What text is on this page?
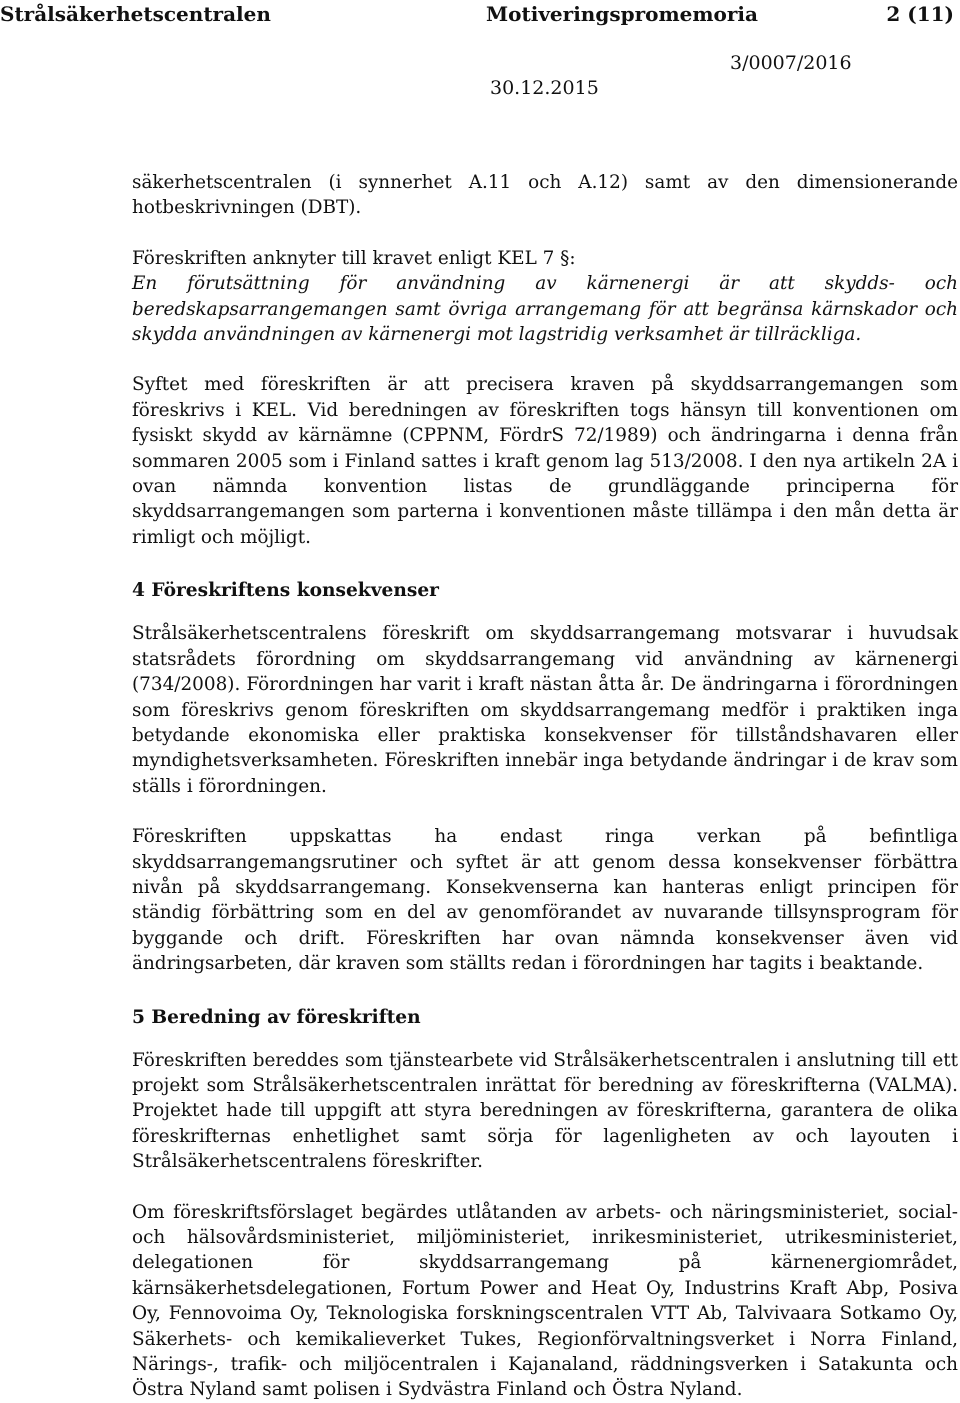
Strålsäkerhetscentralen	Motiveringspromemoria	2 (11)
3/0007/2016
30.12.2015

säkerhetscentralen (i synnerhet A.11 och A.12) samt av den dimensionerande hotbeskrivningen (DBT).

Föreskriften anknyter till kravet enligt KEL 7 §:

En förutsättning för användning av kärnenergi är att skydds- och beredskapsarrangemangen samt övriga arrangemang för att begränsa kärnskador och skydda användningen av kärnenergi mot lagstridig verksamhet är tillräckliga.

Syftet med föreskriften är att precisera kraven på skyddsarrangemangen som föreskrivs i KEL. Vid beredningen av föreskriften togs hänsyn till konventionen om fysiskt skydd av kärnämne (CPPNM, FördrS 72/1989) och ändringarna i denna från sommaren 2005 som i Finland sattes i kraft genom lag 513/2008. I den nya artikeln 2A i ovan nämnda konvention listas de grundläggande principerna för skyddsarrangemangen som parterna i konventionen måste tillämpa i den mån detta är rimligt och möjligt.

4 Föreskriftens konsekvenser

Strålsäkerhetscentralens föreskrift om skyddsarrangemang motsvarar i huvudsak statsrådets förordning om skyddsarrangemang vid användning av kärnenergi (734/2008). Förordningen har varit i kraft nästan åtta år. De ändringarna i förordningen som föreskrivs genom föreskriften om skyddsarrangemang medför i praktiken inga betydande ekonomiska eller praktiska konsekvenser för tillståndshavaren eller myndighetsverksamheten. Föreskriften innebär inga betydande ändringar i de krav som ställs i förordningen.

Föreskriften uppskattas ha endast ringa verkan på befintliga skyddsarrangemangsrutiner och syftet är att genom dessa konsekvenser förbättra nivån på skyddsarrangemang. Konsekvenserna kan hanteras enligt principen för ständig förbättring som en del av genomförandet av nuvarande tillsynsprogram för byggande och drift. Föreskriften har ovan nämnda konsekvenser även vid ändringsarbeten, där kraven som ställts redan i förordningen har tagits i beaktande.

5 Beredning av föreskriften

Föreskriften bereddes som tjänstearbete vid Strålsäkerhetscentralen i anslutning till ett projekt som Strålsäkerhetscentralen inrättat för beredning av föreskrifterna (VALMA). Projektet hade till uppgift att styra beredningen av föreskrifterna, garantera de olika föreskrifternas enhetlighet samt sörja för lagenligheten av och layouten i Strålsäkerhetscentralens föreskrifter.

Om föreskriftsförslaget begärdes utlåtanden av arbets- och näringsministeriet, social- och hälsovårdsministeriet, miljöministeriet, inrikesministeriet, utrikesministeriet, delegationen för skyddsarrangemang på kärnenergiområdet, kärnsäkerhetsdelegationen, Fortum Power and Heat Oy, Industrins Kraft Abp, Posiva Oy, Fennovoima Oy, Teknologiska forskningscentralen VTT Ab, Talvivaara Sotkamo Oy, Säkerhets- och kemikalieverket Tukes, Regionförvaltningsverket i Norra Finland, Närings-, trafik- och miljöcentralen i Kajanaland, räddningsverken i Satakunta och Östra Nyland samt polisen i Sydvästra Finland och Östra Nyland.
